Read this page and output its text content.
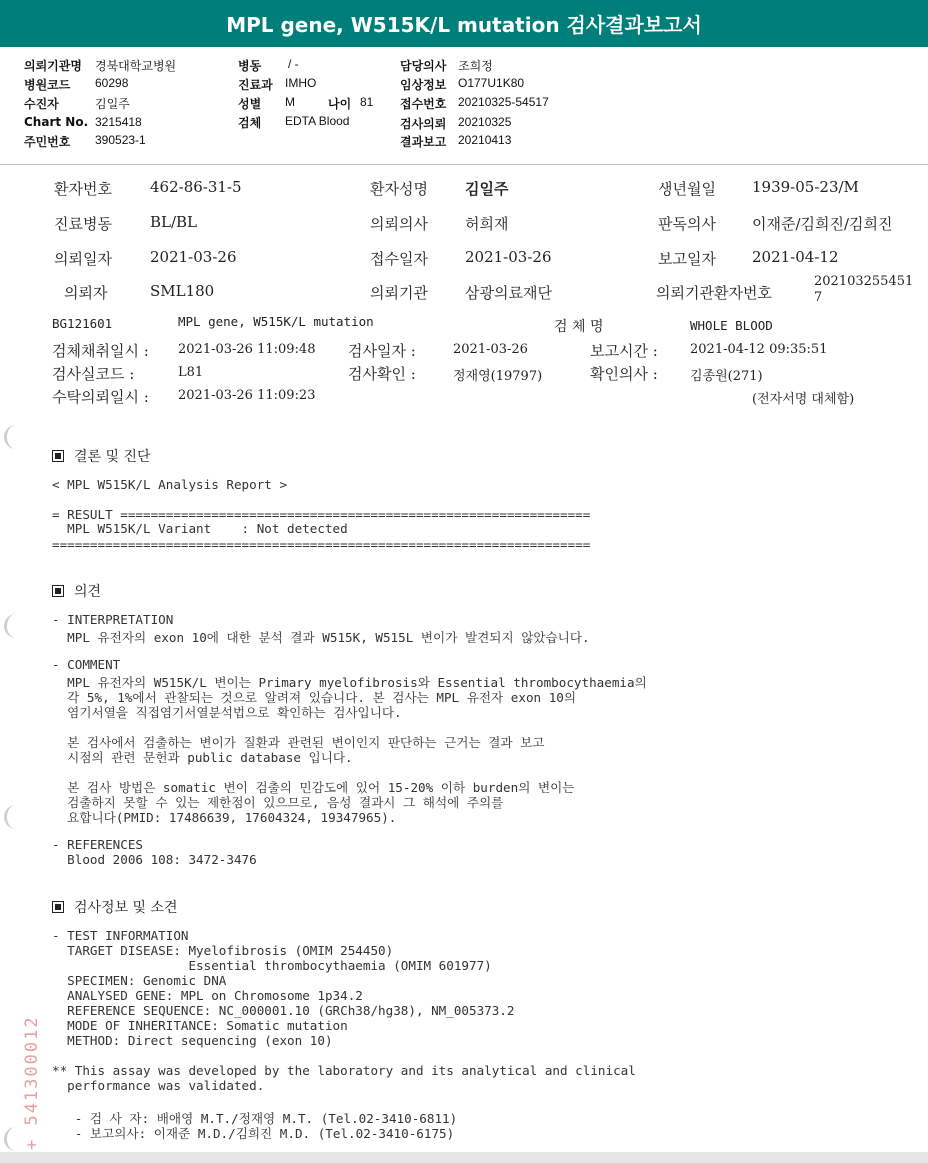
MPL gene, W515K/L mutation 검사결과보고서
의뢰기관명 경북대학교병원
병원코드 60298
수진자	김일주
Chart No. 3215418
주민번호 390523-1
병동 / -
진료과 IMHO
성별 M	나이 81
검체 EDTA Blood
담당의사 조희정
임상정보 O177U1K80
접수번호 20210325-54517
검사의뢰 20210325
결과보고 20210413
환자번호	462-86-31-5	환자성명 김일주	생년월일 1939-05-23/M
진료병동	BL/BL	의뢰의사 허희재	판독의사 이재준/김희진/김희진
의뢰일자	2021-03-26	접수일자 2021-03-26	보고일자 2021-04-12
의뢰자	SML180	의뢰기관 삼광의료재단	의뢰기관환자번호
202103255451
7
BG121601	MPL gene, W515K/L mutation	검 체 명	WHOLE BLOOD
검체채취일시 : 2021-03-26 11:09:48 검사일자 :	2021-03-26	보고시간 : 2021-04-12 09:35:51
검사실코드 :	L81	검사확인 :	정재영(19797)	확인의사 : 김종원(271)
수탁의뢰일시 : 2021-03-26 11:09:23	(전자서명 대체함)
결론 및 진단
< MPL W515K/L Analysis Report >
= RESULT ==============================================================
MPL W515K/L Variant    : Not detected
=======================================================================
의견
- INTERPRETATION
MPL 유전자의 exon 10에 대한 분석 결과 W515K, W515L 변이가 발견되지 않았습니다.
- COMMENT
MPL 유전자의 W515K/L 변이는 Primary myelofibrosis와 Essential thrombocythaemia의
각 5%, 1%에서 관찰되는 것으로 알려져 있습니다. 본 검사는 MPL 유전자 exon 10의
염기서열을 직접염기서열분석법으로 확인하는 검사입니다.
본 검사에서 검출하는 변이가 질환과 관련된 변이인지 판단하는 근거는 결과 보고
시점의 관련 문헌과 public database 입니다.
본 검사 방법은 somatic 변이 검출의 민감도에 있어 15-20% 이하 burden의 변이는
검출하지 못할 수 있는 제한점이 있으므로, 음성 결과시 그 해석에 주의를
요합니다(PMID: 17486639, 17604324, 19347965).
- REFERENCES
Blood 2006 108: 3472-3476
검사정보 및 소견
- TEST INFORMATION
TARGET DISEASE: Myelofibrosis (OMIM 254450)
Essential thrombocythaemia (OMIM 601977)
SPECIMEN: Genomic DNA
ANALYSED GENE: MPL on Chromosome 1p34.2
REFERENCE SEQUENCE: NC_000001.10 (GRCh38/hg38), NM_005373.2
MODE OF INHERITANCE: Somatic mutation
METHOD: Direct sequencing (exon 10)
** This assay was developed by the laboratory and its analytical and clinical
performance was validated.
- 검 사 자: 배애영 M.T./정재영 M.T. (Tel.02-3410-6811)
- 보고의사: 이재준 M.D./김희진 M.D. (Tel.02-3410-6175)
+ 541300012
